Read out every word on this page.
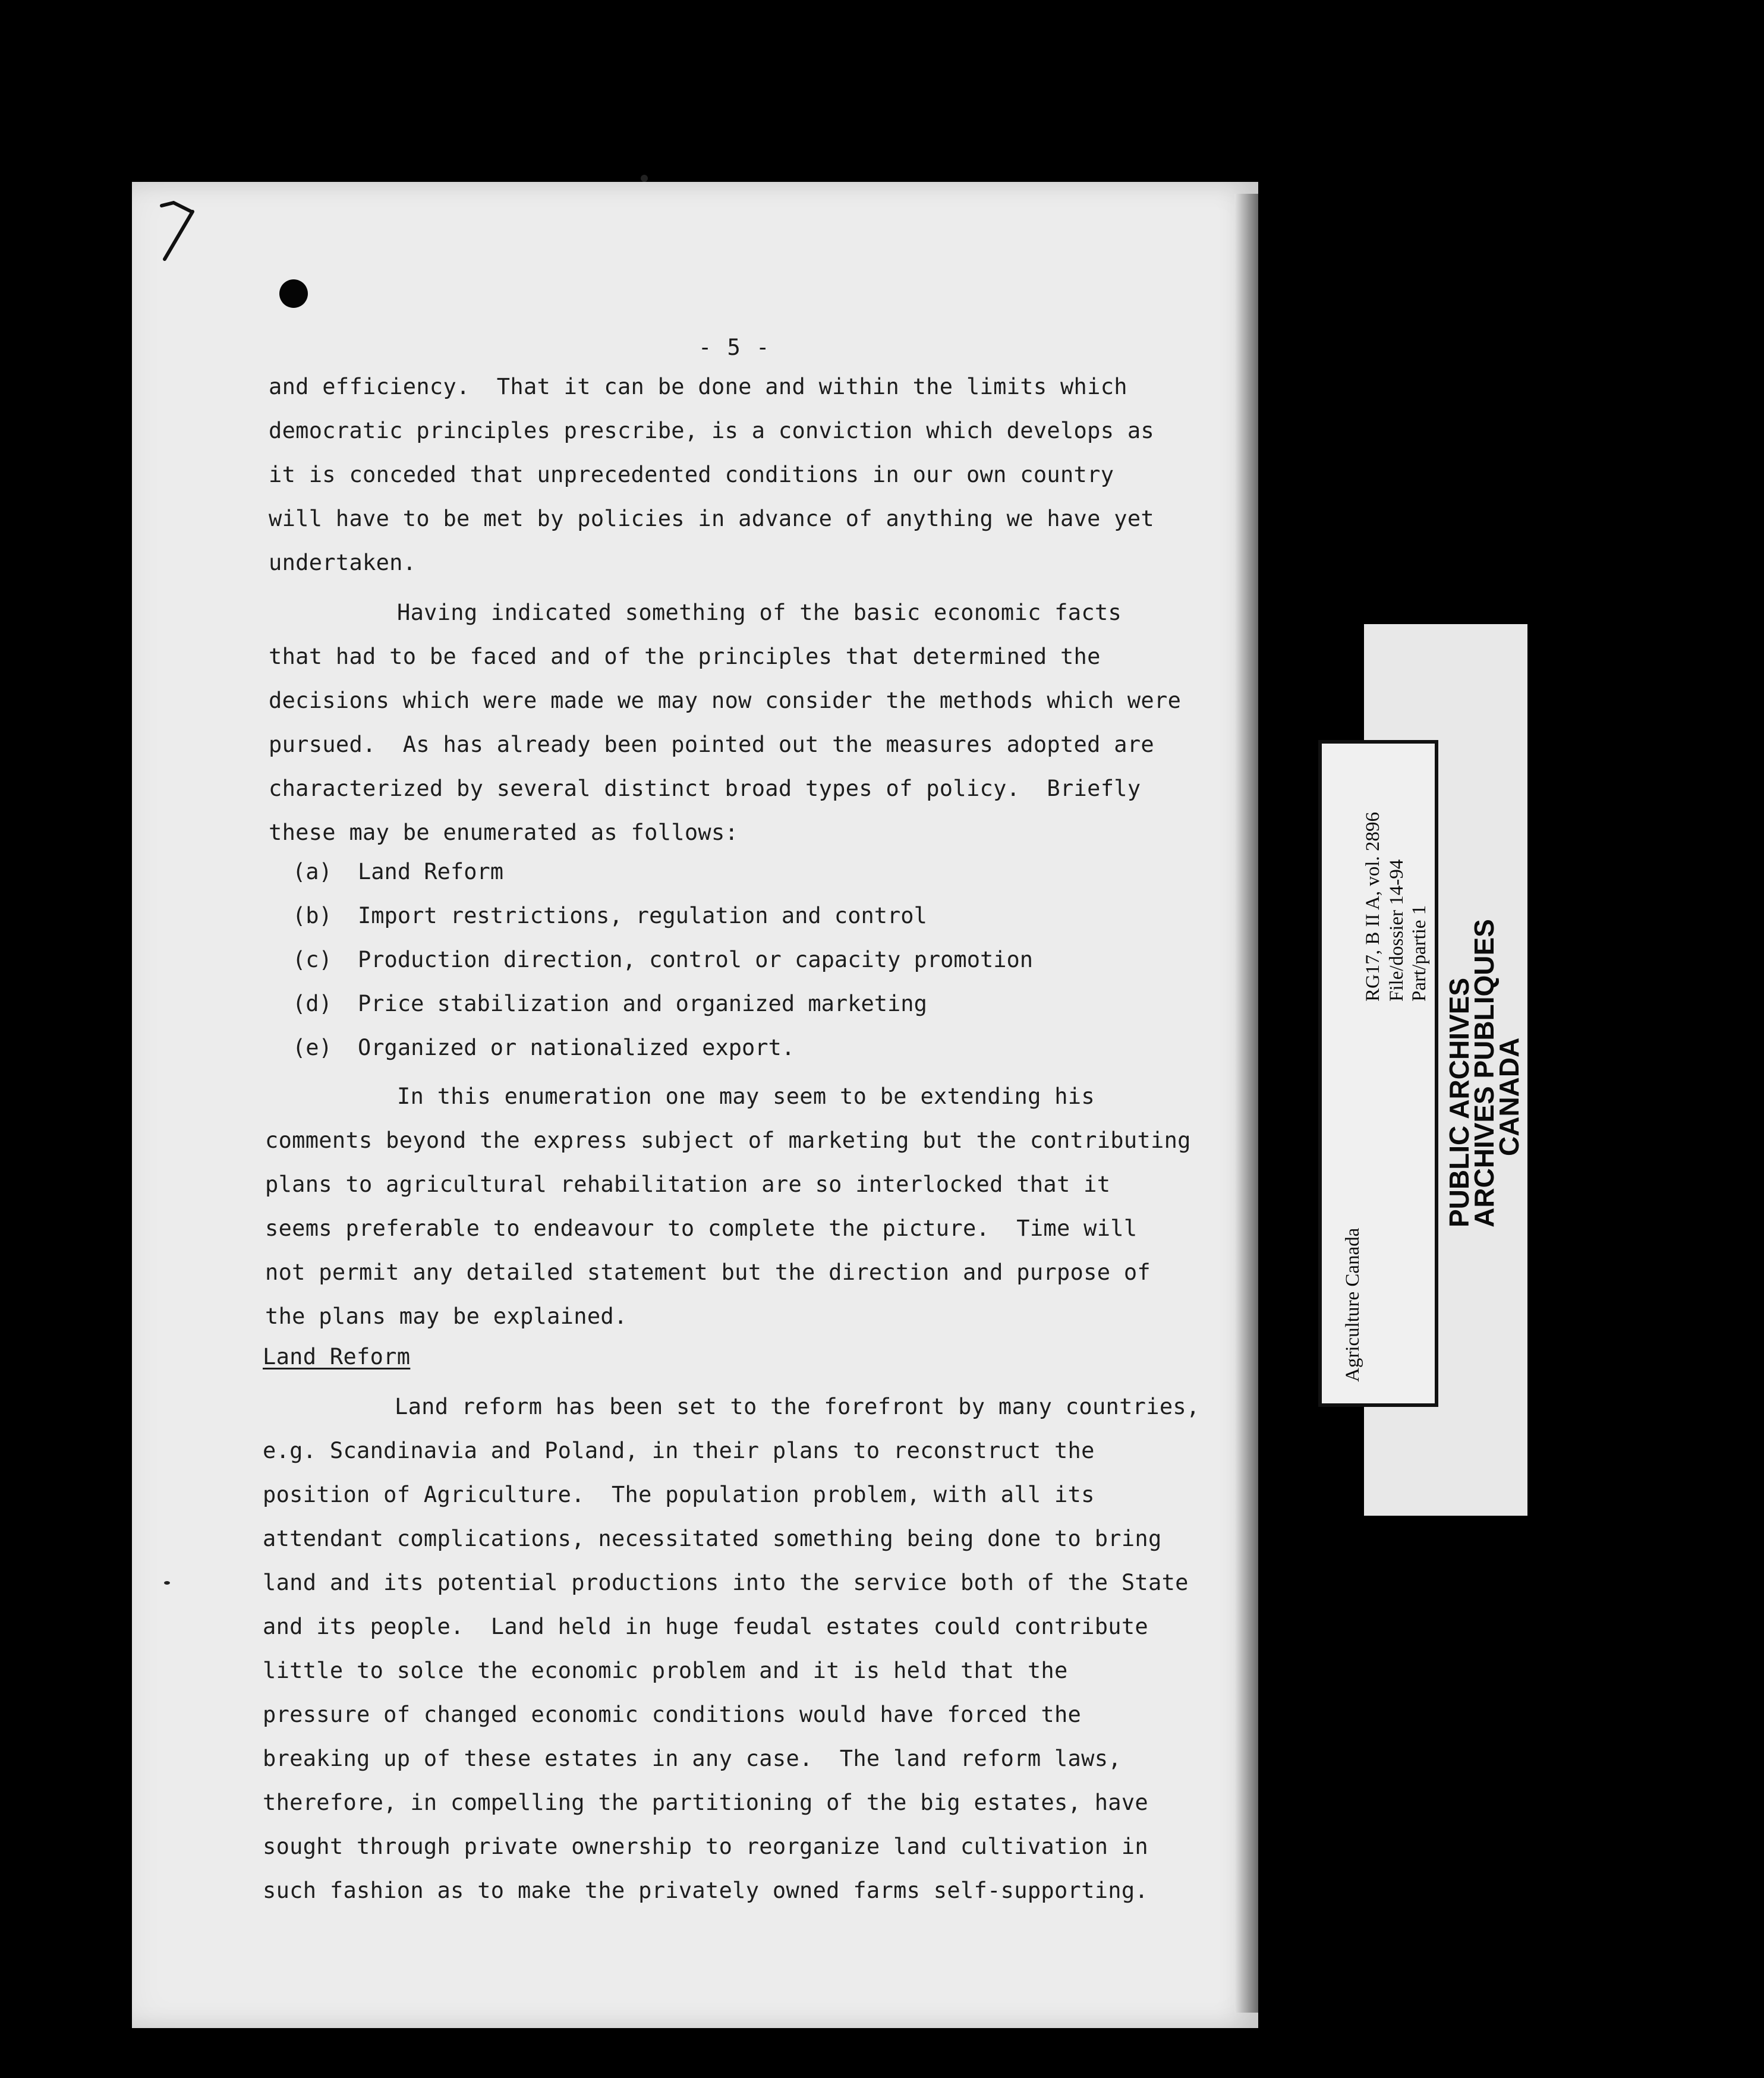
- 5 -
and efficiency.  That it can be done and within the limits which
democratic principles prescribe, is a conviction which develops as
it is conceded that unprecedented conditions in our own country
will have to be met by policies in advance of anything we have yet
undertaken.
Having indicated something of the basic economic facts
that had to be faced and of the principles that determined the
decisions which were made we may now consider the methods which were
pursued.  As has already been pointed out the measures adopted are
characterized by several distinct broad types of policy.  Briefly
these may be enumerated as follows:
(a) Land Reform
(b) Import restrictions, regulation and control
(c) Production direction, control or capacity promotion
(d) Price stabilization and organized marketing
(e) Organized or nationalized export.
In this enumeration one may seem to be extending his
comments beyond the express subject of marketing but the contributing
plans to agricultural rehabilitation are so interlocked that it
seems preferable to endeavour to complete the picture.  Time will
not permit any detailed statement but the direction and purpose of
the plans may be explained.
Land Reform
Land reform has been set to the forefront by many countries,
e.g. Scandinavia and Poland, in their plans to reconstruct the
position of Agriculture.  The population problem, with all its
attendant complications, necessitated something being done to bring
land and its potential productions into the service both of the State
and its people.  Land held in huge feudal estates could contribute
little to solce the economic problem and it is held that the
pressure of changed economic conditions would have forced the
breaking up of these estates in any case.  The land reform laws,
therefore, in compelling the partitioning of the big estates, have
sought through private ownership to reorganize land cultivation in
such fashion as to make the privately owned farms self-supporting.
Agriculture Canada
RG17, B II A, vol. 2896 File/dossier 14-94 Part/partie 1
PUBLIC ARCHIVES
ARCHIVES PUBLIQUES
CANADA
